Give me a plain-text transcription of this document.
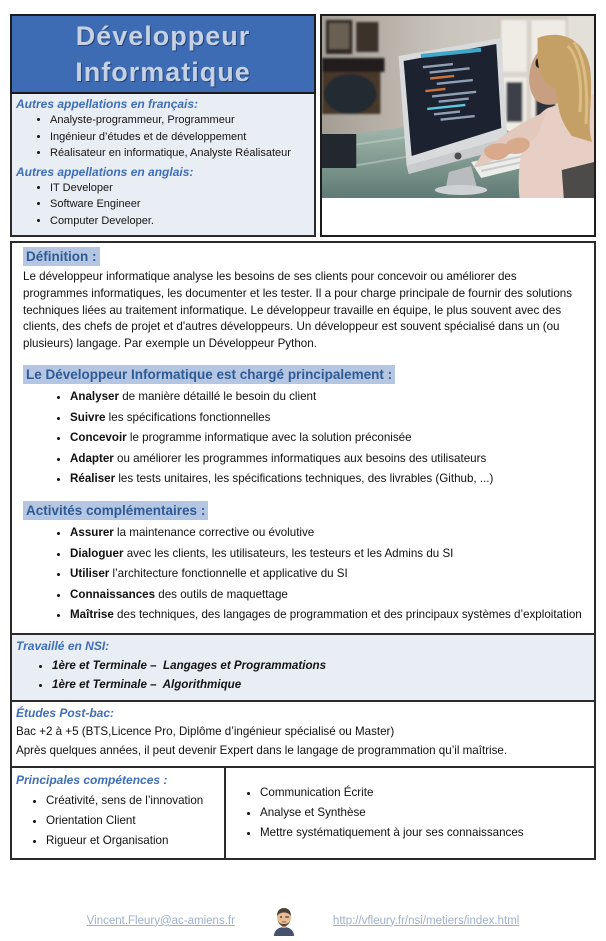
Développeur
Informatique
Autres appellations en français:
• Analyste-programmeur, Programmeur
• Ingénieur d’études et de développement
• Réalisateur en informatique, Analyste Réalisateur
Autres appellations en anglais:
• IT Developer
• Software Engineer
• Computer Developer.
Définition :

Le développeur informatique analyse les besoins de ses clients pour concevoir ou améliorer des programmes informatiques, les documenter et les tester. Il a pour charge principale de fournir des solutions techniques liées au traitement informatique. Le développeur travaille en équipe, le plus souvent avec des clients, des chefs de projet et d'autres développeurs. Un développeur est souvent spécialisé dans un (ou plusieurs) langage. Par exemple un Développeur Python.

Le Développeur Informatique est chargé principalement :
• Analyser de manière détaillé le besoin du client
• Suivre les spécifications fonctionnelles
• Concevoir le programme informatique avec la solution préconisée
• Adapter ou améliorer les programmes informatiques aux besoins des utilisateurs
• Réaliser les tests unitaires, les spécifications techniques, des livrables (Github, ...)
Activités complémentaires :
• Assurer la maintenance corrective ou évolutive
• Dialoguer avec les clients, les utilisateurs, les testeurs et les Admins du SI
• Utiliser l’architecture fonctionnelle et applicative du SI
• Connaissances des outils de maquettage
• Maîtrise des techniques, des langages de programmation et des principaux systèmes d’exploitation
Travaillé en NSI:
• 1ère et Terminale –  Langages et Programmations
• 1ère et Terminale –  Algorithmique
Études Post-bac:

Bac +2 à +5 (BTS,Licence Pro, Diplôme d’ingénieur spécialisé ou Master)

Après quelques années, il peut devenir Expert dans le langage de programmation qu’il maîtrise.

Principales compétences :
• Créativité, sens de l’innovation
• Orientation Client
• Rigueur et Organisation
• Communication Écrite
• Analyse et Synthèse
• Mettre systématiquement à jour ses connaissances
Vincent.Fleury@ac-amiens.fr	http://vfleury.fr/nsi/metiers/index.html
